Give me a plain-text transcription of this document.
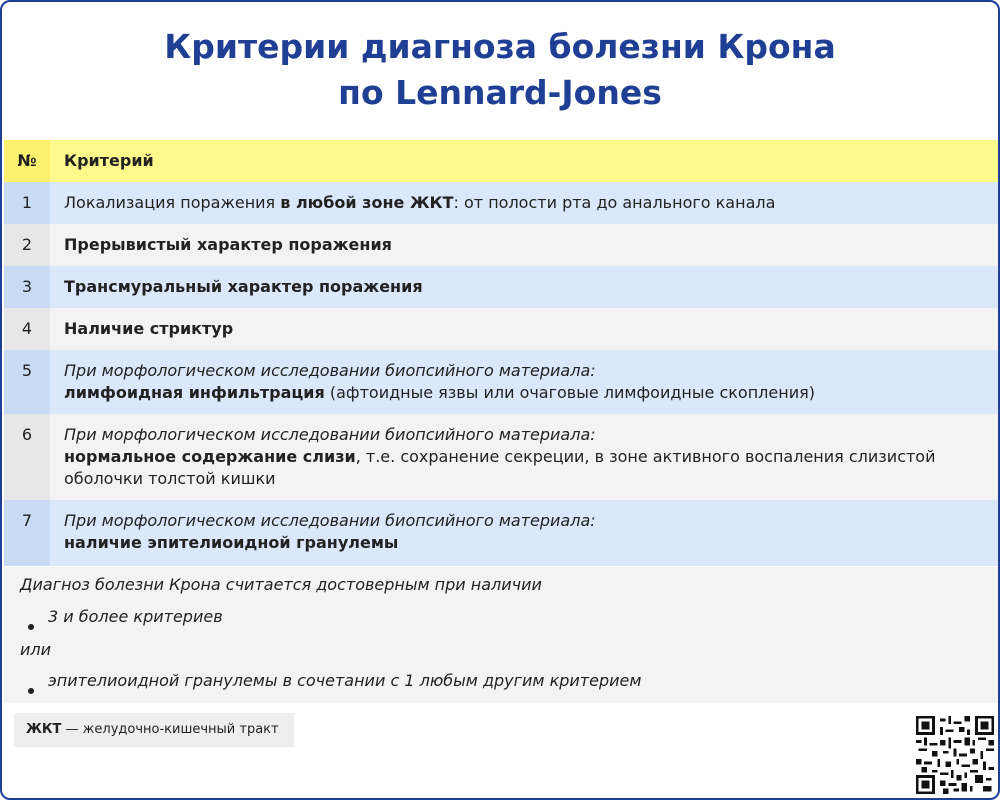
Критерии диагноза болезни Крона
по Lennard-Jones
№	Критерий
1	Локализация поражения в любой зоне ЖКТ: от полости рта до анального канала
2	Прерывистый характер поражения
3	Трансмуральный характер поражения
4	Наличие стриктур
5	При морфологическом исследовании биопсийного материала:
лимфоидная инфильтрация (афтоидные язвы или очаговые лимфоидные скопления)
6	При морфологическом исследовании биопсийного материала:
нормальное содержание слизи, т.е. сохранение секреции, в зоне активного воспаления слизистой оболочки толстой кишки
7	При морфологическом исследовании биопсийного материала:
наличие эпителиоидной гранулемы
Диагноз болезни Крона считается достоверным при наличии
3 и более критериев
или
эпителиоидной гранулемы в сочетании с 1 любым другим критерием
ЖКТ — желудочно-кишечный тракт
